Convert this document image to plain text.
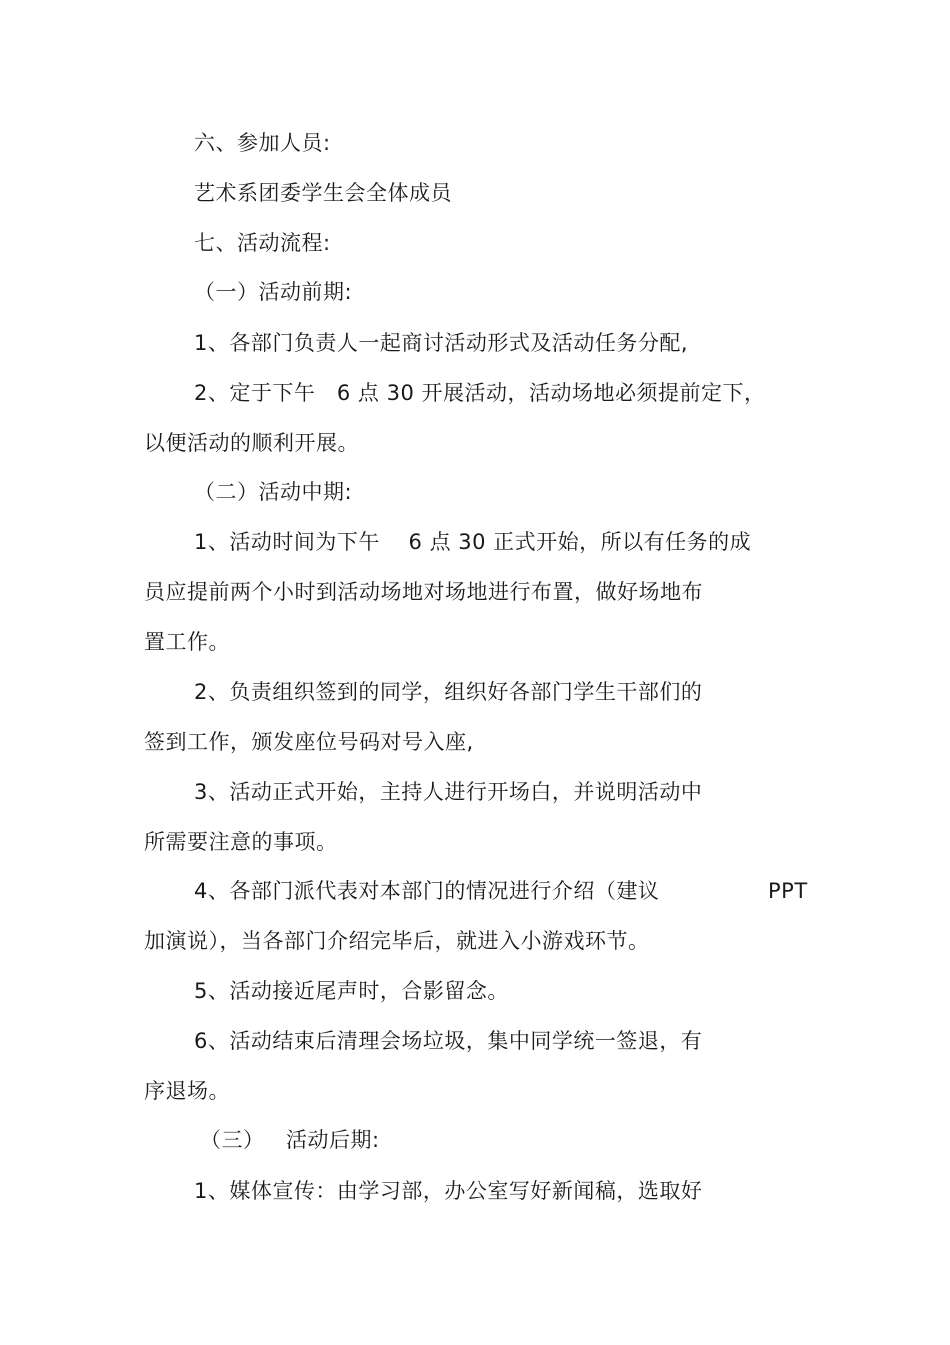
六、参加人员:
艺术系团委学生会全体成员
七、活动流程:
（一）活动前期:
1、各部门负责人一起商讨活动形式及活动任务分配,
2、定于下午   6 点 30 开展活动，活动场地必须提前定下，
以便活动的顺利开展。
（二）活动中期:
1、活动时间为下午    6 点 30 正式开始，所以有任务的成
员应提前两个小时到活动场地对场地进行布置，做好场地布
置工作。
2、负责组织签到的同学，组织好各部门学生干部们的
签到工作，颁发座位号码对号入座,
3、活动正式开始，主持人进行开场白，并说明活动中
所需要注意的事项。
4、各部门派代表对本部门的情况进行介绍（建议	PPT
加演说），当各部门介绍完毕后，就进入小游戏环节。
5、活动接近尾声时，合影留念。
6、活动结束后清理会场垃圾，集中同学统一签退，有
序退场。
（三）   活动后期:
1、媒体宣传：由学习部，办公室写好新闻稿，选取好
